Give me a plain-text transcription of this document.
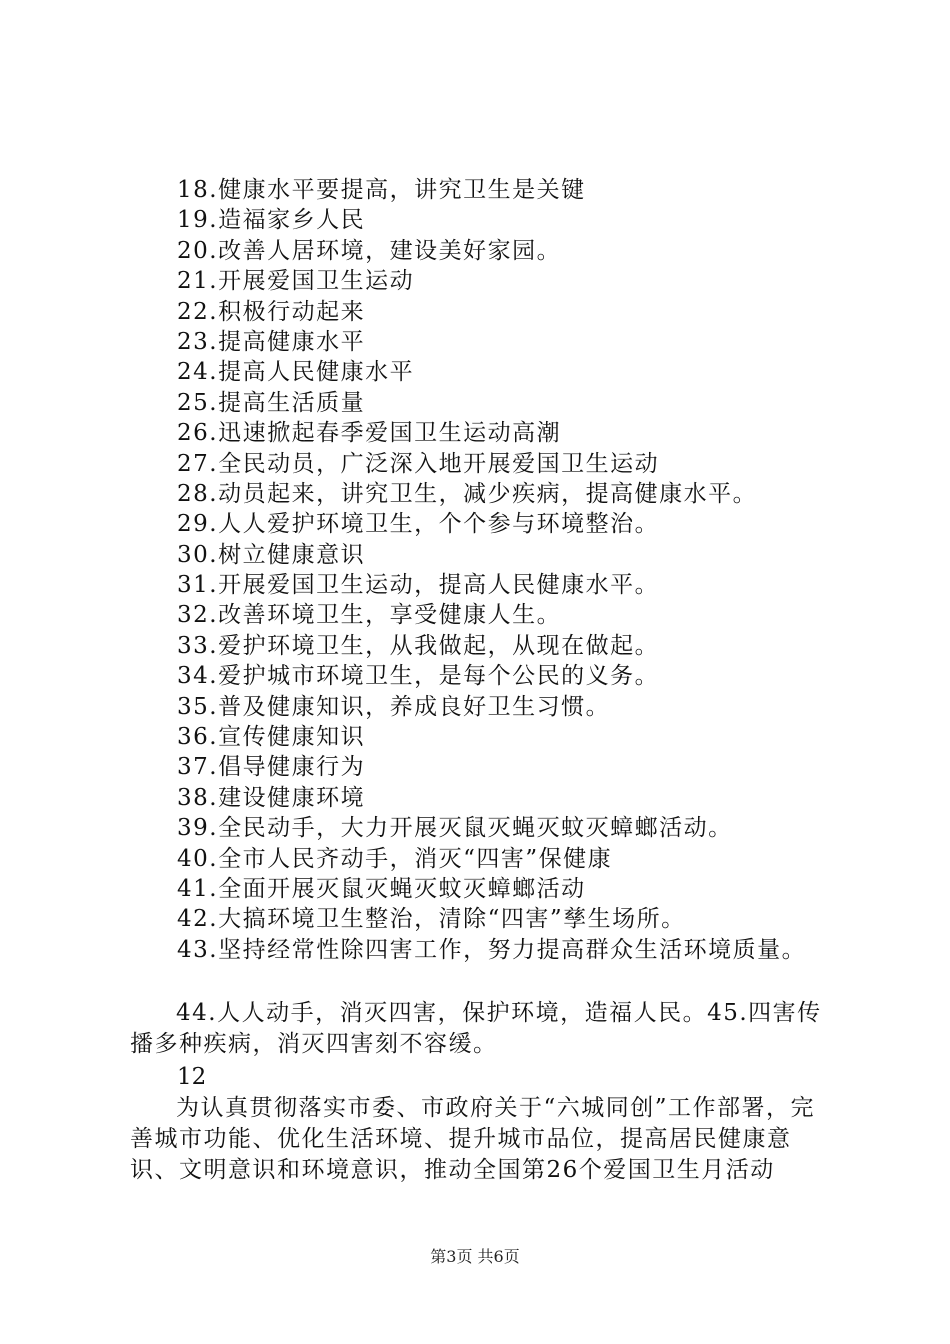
18.健康水平要提高，讲究卫生是关键
19.造福家乡人民
20.改善人居环境，建设美好家园。
21.开展爱国卫生运动
22.积极行动起来
23.提高健康水平
24.提高人民健康水平
25.提高生活质量
26.迅速掀起春季爱国卫生运动高潮
27.全民动员，广泛深入地开展爱国卫生运动
28.动员起来，讲究卫生，减少疾病，提高健康水平。
29.人人爱护环境卫生，个个参与环境整治。
30.树立健康意识
31.开展爱国卫生运动，提高人民健康水平。
32.改善环境卫生，享受健康人生。
33.爱护环境卫生，从我做起，从现在做起。
34.爱护城市环境卫生，是每个公民的义务。
35.普及健康知识，养成良好卫生习惯。
36.宣传健康知识
37.倡导健康行为
38.建设健康环境
39.全民动手，大力开展灭鼠灭蝇灭蚊灭蟑螂活动。
40.全市人民齐动手，消灭“四害”保健康
41.全面开展灭鼠灭蝇灭蚊灭蟑螂活动
42.大搞环境卫生整治，清除“四害”孳生场所。
43.坚持经常性除四害工作，努力提高群众生活环境质量。
44.人人动手，消灭四害，保护环境，造福人民。45.四害传播多种疾病，消灭四害刻不容缓。
12
为认真贯彻落实市委、市政府关于“六城同创”工作部署，完善城市功能、优化生活环境、提升城市品位，提高居民健康意识、文明意识和环境意识，推动全国第26个爱国卫生月活动
第3页 共6页
